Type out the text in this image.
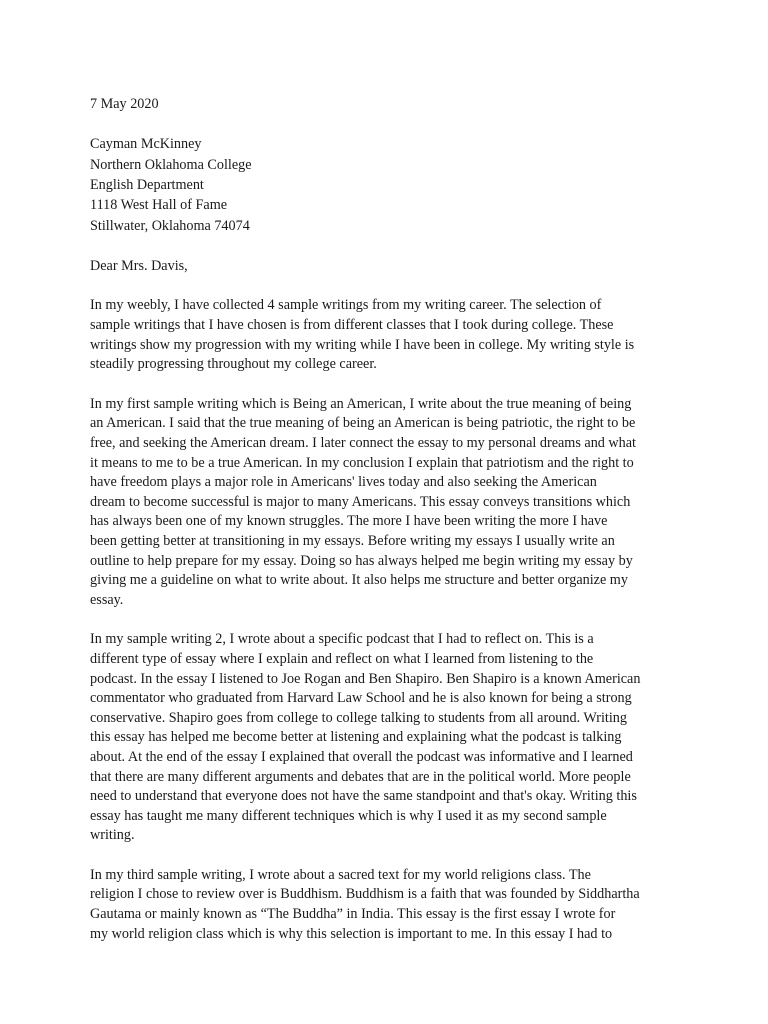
7 May 2020
Cayman McKinney
Northern Oklahoma College
English Department
1118 West Hall of Fame
Stillwater, Oklahoma 74074
Dear Mrs. Davis,
In my weebly, I have collected 4 sample writings from my writing career. The selection of
sample writings that I have chosen is from different classes that I took during college. These
writings show my progression with my writing while I have been in college. My writing style is
steadily progressing throughout my college career.
In my first sample writing which is Being an American, I write about the true meaning of being
an American. I said that the true meaning of being an American is being patriotic, the right to be
free, and seeking the American dream. I later connect the essay to my personal dreams and what
it means to me to be a true American. In my conclusion I explain that patriotism and the right to
have freedom plays a major role in Americans' lives today and also seeking the American
dream to become successful is major to many Americans. This essay conveys transitions which
has always been one of my known struggles. The more I have been writing the more I have
been getting better at transitioning in my essays. Before writing my essays I usually write an
outline to help prepare for my essay. Doing so has always helped me begin writing my essay by
giving me a guideline on what to write about. It also helps me structure and better organize my
essay.
In my sample writing 2, I wrote about a specific podcast that I had to reflect on. This is a
different type of essay where I explain and reflect on what I learned from listening to the
podcast. In the essay I listened to Joe Rogan and Ben Shapiro. Ben Shapiro is a known American
commentator who graduated from Harvard Law School and he is also known for being a strong
conservative. Shapiro goes from college to college talking to students from all around. Writing
this essay has helped me become better at listening and explaining what the podcast is talking
about. At the end of the essay I explained that overall the podcast was informative and I learned
that there are many different arguments and debates that are in the political world. More people
need to understand that everyone does not have the same standpoint and that's okay. Writing this
essay has taught me many different techniques which is why I used it as my second sample
writing.
In my third sample writing, I wrote about a sacred text for my world religions class. The
religion I chose to review over is Buddhism. Buddhism is a faith that was founded by Siddhartha
Gautama or mainly known as “The Buddha” in India. This essay is the first essay I wrote for
my world religion class which is why this selection is important to me. In this essay I had to
